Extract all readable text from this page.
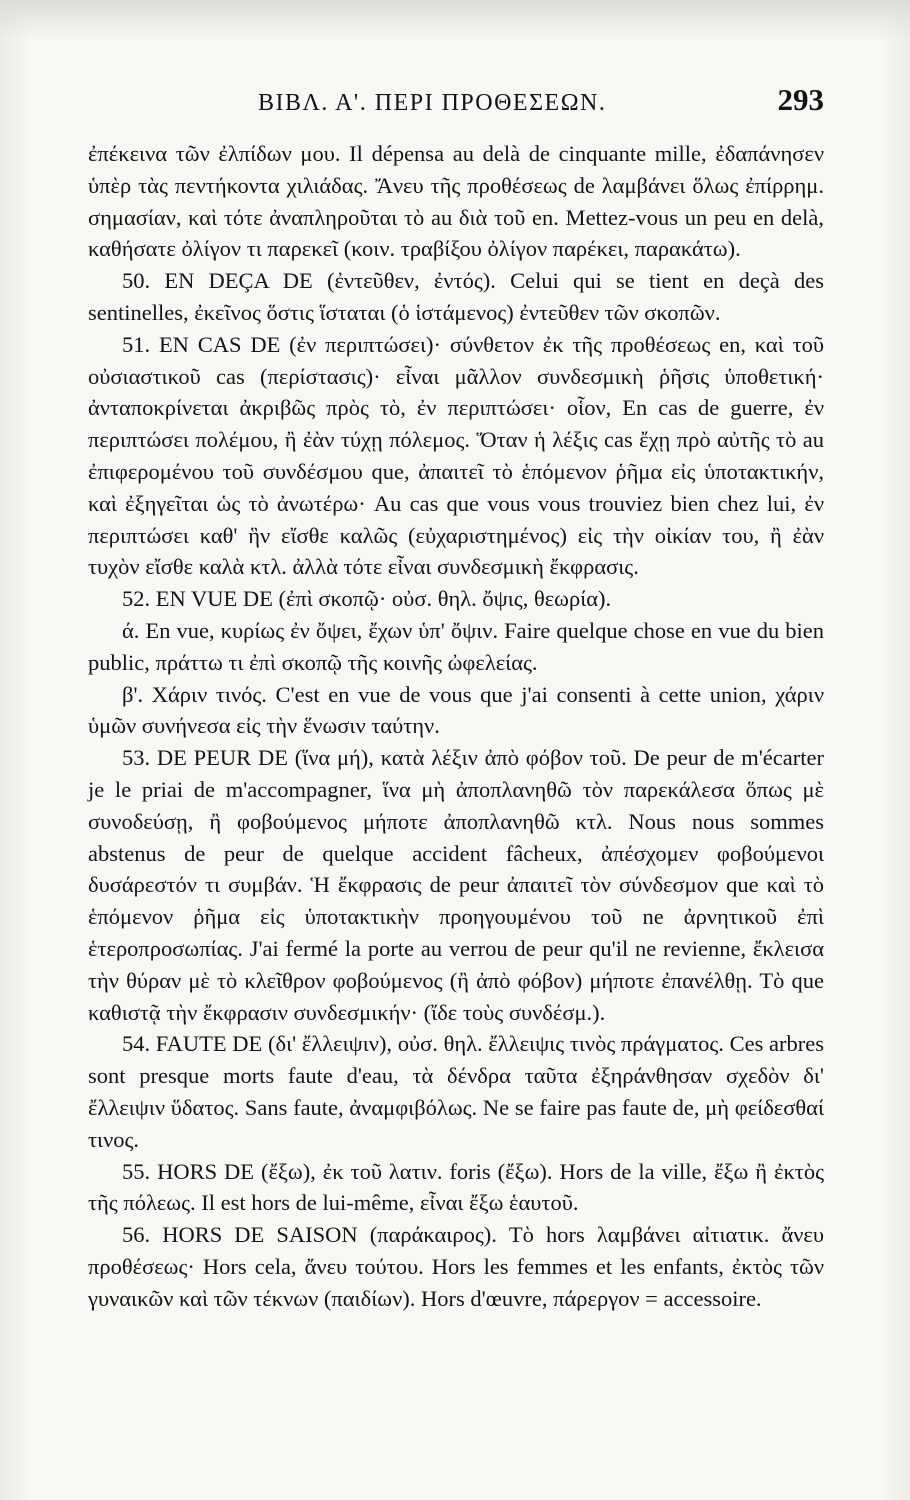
ΒΙΒΛ. Α'. ΠΕΡΙ ΠΡΟΘΕΣΕΩΝ.	293

ἐπέκεινα τῶν ἐλπίδων μου. Il dépensa au delà de cinquante mille, ἐδαπάνησεν ὑπὲρ τὰς πεντήκοντα χιλιάδας. Ἄνευ τῆς προθέσεως de λαμβάνει ὅλως ἐπίρρημ. σημασίαν, καὶ τότε ἀναπληροῦται τὸ au διὰ τοῦ en. Mettez-vous un peu en delà, καθήσατε ὀλίγον τι παρεκεῖ (κοιν. τραβίξου ὀλίγον παρέκει, παρακάτω).

50. EN DEÇA DE (ἐντεῦθεν, ἐντός). Celui qui se tient en deçà des sentinelles, ἐκεῖνος ὅστις ἵσταται (ὁ ἱστάμενος) ἐντεῦθεν τῶν σκοπῶν.

51. EN CAS DE (ἐν περιπτώσει)· σύνθετον ἐκ τῆς προθέσεως en, καὶ τοῦ οὐσιαστικοῦ cas (περίστασις)· εἶναι μᾶλλον συνδεσμικὴ ῥῆσις ὑποθετική· ἀνταποκρίνεται ἀκριβῶς πρὸς τὸ, ἐν περιπτώσει· οἷον, En cas de guerre, ἐν περιπτώσει πολέμου, ἢ ἐὰν τύχῃ πόλεμος. Ὅταν ἡ λέξις cas ἔχῃ πρὸ αὐτῆς τὸ au ἐπιφερομένου τοῦ συνδέσμου que, ἀπαιτεῖ τὸ ἑπόμενον ῥῆμα εἰς ὑποτακτικήν, καὶ ἐξηγεῖται ὡς τὸ ἀνωτέρω· Au cas que vous vous trouviez bien chez lui, ἐν περιπτώσει καθ' ἣν εἴσθε καλῶς (εὐχαριστημένος) εἰς τὴν οἰκίαν του, ἢ ἐὰν τυχὸν εἴσθε καλὰ κτλ. ἀλλὰ τότε εἶναι συνδεσμικὴ ἔκφρασις.

52. EN VUE DE (ἐπὶ σκοπῷ· οὐσ. θηλ. ὄψις, θεωρία).

ά. En vue, κυρίως ἐν ὄψει, ἔχων ὑπ' ὄψιν. Faire quelque chose en vue du bien public, πράττω τι ἐπὶ σκοπῷ τῆς κοινῆς ὠφελείας.

β'. Χάριν τινός. C'est en vue de vous que j'ai consenti à cette union, χάριν ὑμῶν συνήνεσα εἰς τὴν ἕνωσιν ταύτην.

53. DE PEUR DE (ἵνα μή), κατὰ λέξιν ἀπὸ φόβον τοῦ. De peur de m'écarter je le priai de m'accompagner, ἵνα μὴ ἀποπλανηθῶ τὸν παρεκάλεσα ὅπως μὲ συνοδεύσῃ, ἢ φοβούμενος μήποτε ἀποπλανηθῶ κτλ. Nous nous sommes abstenus de peur de quelque accident fâcheux, ἀπέσχομεν φοβούμενοι δυσάρεστόν τι συμβάν. Ἡ ἔκφρασις de peur ἀπαιτεῖ τὸν σύνδεσμον que καὶ τὸ ἑπόμενον ῥῆμα εἰς ὑποτακτικὴν προηγουμένου τοῦ ne ἀρνητικοῦ ἐπὶ ἑτεροπροσωπίας. J'ai fermé la porte au verrou de peur qu'il ne revienne, ἔκλεισα τὴν θύραν μὲ τὸ κλεῖθρον φοβούμενος (ἢ ἀπὸ φόβον) μήποτε ἐπανέλθῃ. Τὸ que καθιστᾷ τὴν ἔκφρασιν συνδεσμικήν· (ἴδε τοὺς συνδέσμ.).

54. FAUTE DE (δι' ἔλλειψιν), οὐσ. θηλ. ἔλλειψις τινὸς πράγματος. Ces arbres sont presque morts faute d'eau, τὰ δένδρα ταῦτα ἐξηράνθησαν σχεδὸν δι' ἔλλειψιν ὕδατος. Sans faute, ἀναμφιβόλως. Ne se faire pas faute de, μὴ φείδεσθαί τινος.

55. HORS DE (ἔξω), ἐκ τοῦ λατιν. foris (ἔξω). Hors de la ville, ἔξω ἢ ἐκτὸς τῆς πόλεως. Il est hors de lui-même, εἶναι ἔξω ἑαυτοῦ.

56. HORS DE SAISON (παράκαιρος). Τὸ hors λαμβάνει αἰτιατικ. ἄνευ προθέσεως· Hors cela, ἄνευ τούτου. Hors les femmes et les enfants, ἐκτὸς τῶν γυναικῶν καὶ τῶν τέκνων (παιδίων). Hors d'œuvre, πάρεργον = accessoire.
